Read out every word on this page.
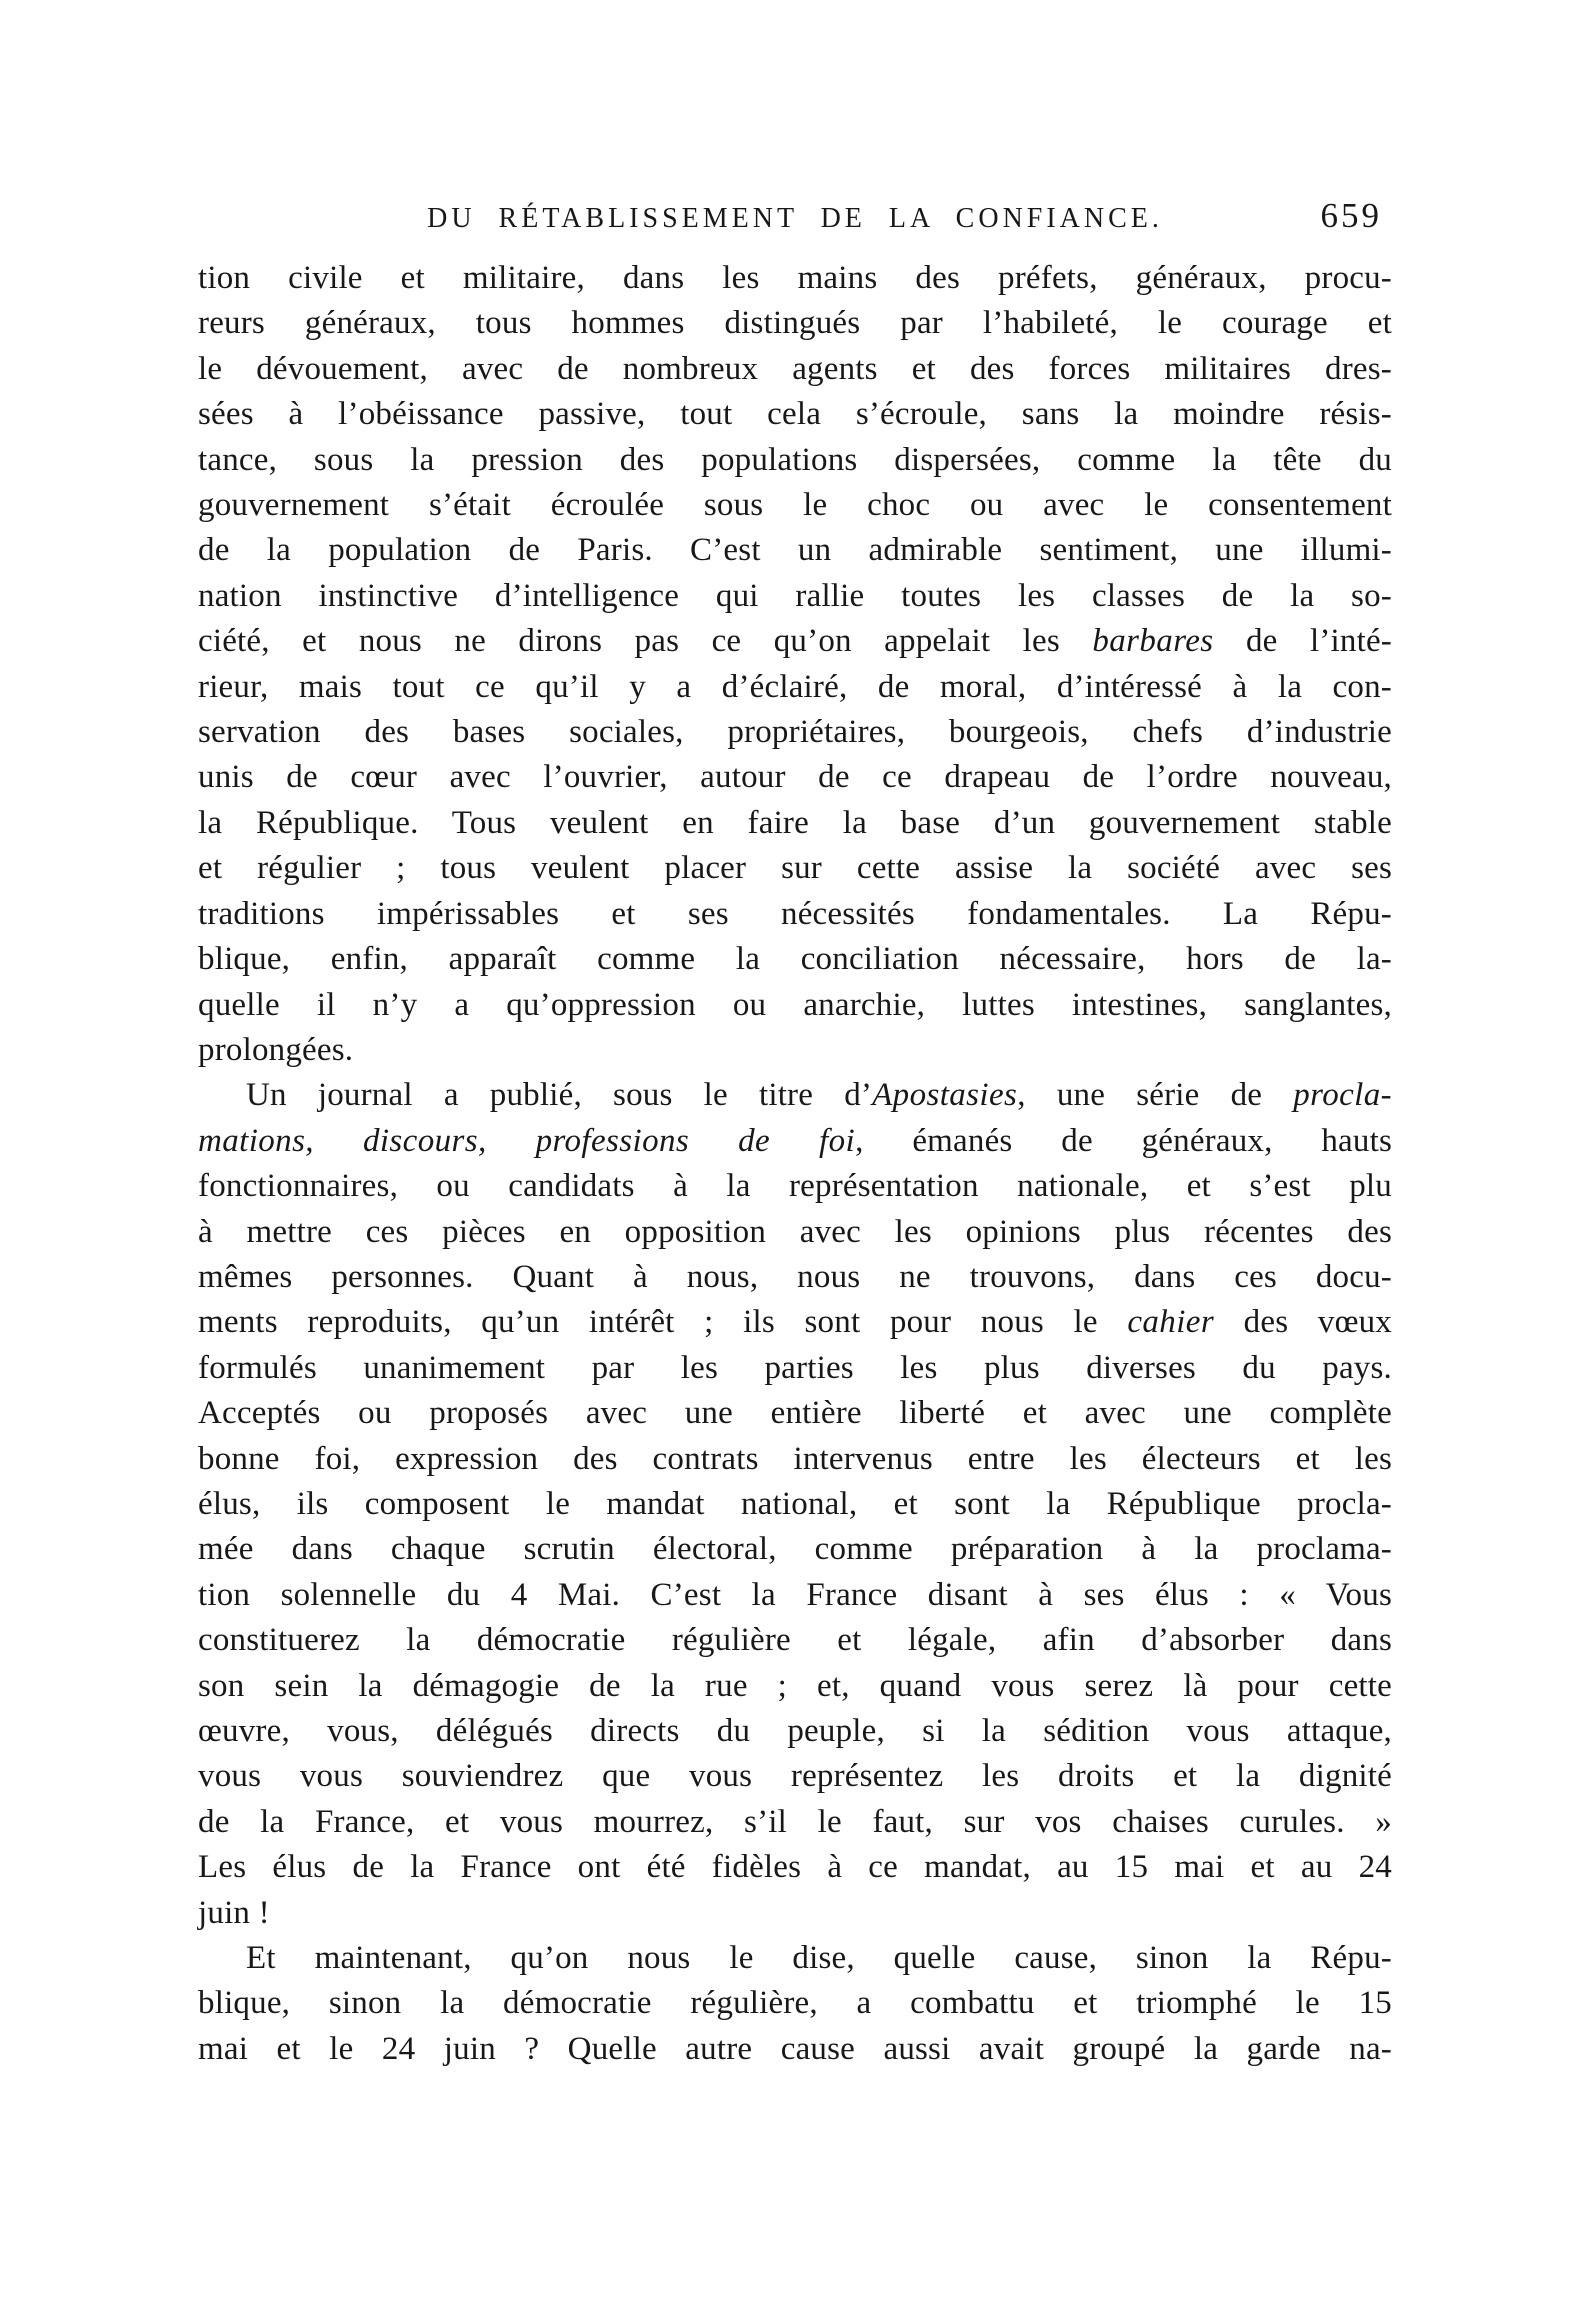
DU RÉTABLISSEMENT DE LA CONFIANCE.	659
tion civile et militaire, dans les mains des préfets, généraux, procu-
reurs généraux, tous hommes distingués par l’habileté, le courage et
le dévouement, avec de nombreux agents et des forces militaires dres-
sées à l’obéissance passive, tout cela s’écroule, sans la moindre résis-
tance, sous la pression des populations dispersées, comme la tête du
gouvernement s’était écroulée sous le choc ou avec le consentement
de la population de Paris. C’est un admirable sentiment, une illumi-
nation instinctive d’intelligence qui rallie toutes les classes de la so-
ciété, et nous ne dirons pas ce qu’on appelait les barbares de l’inté-
rieur, mais tout ce qu’il y a d’éclairé, de moral, d’intéressé à la con-
servation des bases sociales, propriétaires, bourgeois, chefs d’industrie
unis de cœur avec l’ouvrier, autour de ce drapeau de l’ordre nouveau,
la République. Tous veulent en faire la base d’un gouvernement stable
et régulier ; tous veulent placer sur cette assise la société avec ses
traditions impérissables et ses nécessités fondamentales. La Répu-
blique, enfin, apparaît comme la conciliation nécessaire, hors de la-
quelle il n’y a qu’oppression ou anarchie, luttes intestines, sanglantes,
prolongées.
Un journal a publié, sous le titre d’Apostasies, une série de procla-
mations, discours, professions de foi, émanés de généraux, hauts
fonctionnaires, ou candidats à la représentation nationale, et s’est plu
à mettre ces pièces en opposition avec les opinions plus récentes des
mêmes personnes. Quant à nous, nous ne trouvons, dans ces docu-
ments reproduits, qu’un intérêt ; ils sont pour nous le cahier des vœux
formulés unanimement par les parties les plus diverses du pays.
Acceptés ou proposés avec une entière liberté et avec une complète
bonne foi, expression des contrats intervenus entre les électeurs et les
élus, ils composent le mandat national, et sont la République procla-
mée dans chaque scrutin électoral, comme préparation à la proclama-
tion solennelle du 4 Mai. C’est la France disant à ses élus : « Vous
constituerez la démocratie régulière et légale, afin d’absorber dans
son sein la démagogie de la rue ; et, quand vous serez là pour cette
œuvre, vous, délégués directs du peuple, si la sédition vous attaque,
vous vous souviendrez que vous représentez les droits et la dignité
de la France, et vous mourrez, s’il le faut, sur vos chaises curules. »
Les élus de la France ont été fidèles à ce mandat, au 15 mai et au 24
juin !
Et maintenant, qu’on nous le dise, quelle cause, sinon la Répu-
blique, sinon la démocratie régulière, a combattu et triomphé le 15
mai et le 24 juin ? Quelle autre cause aussi avait groupé la garde na-
